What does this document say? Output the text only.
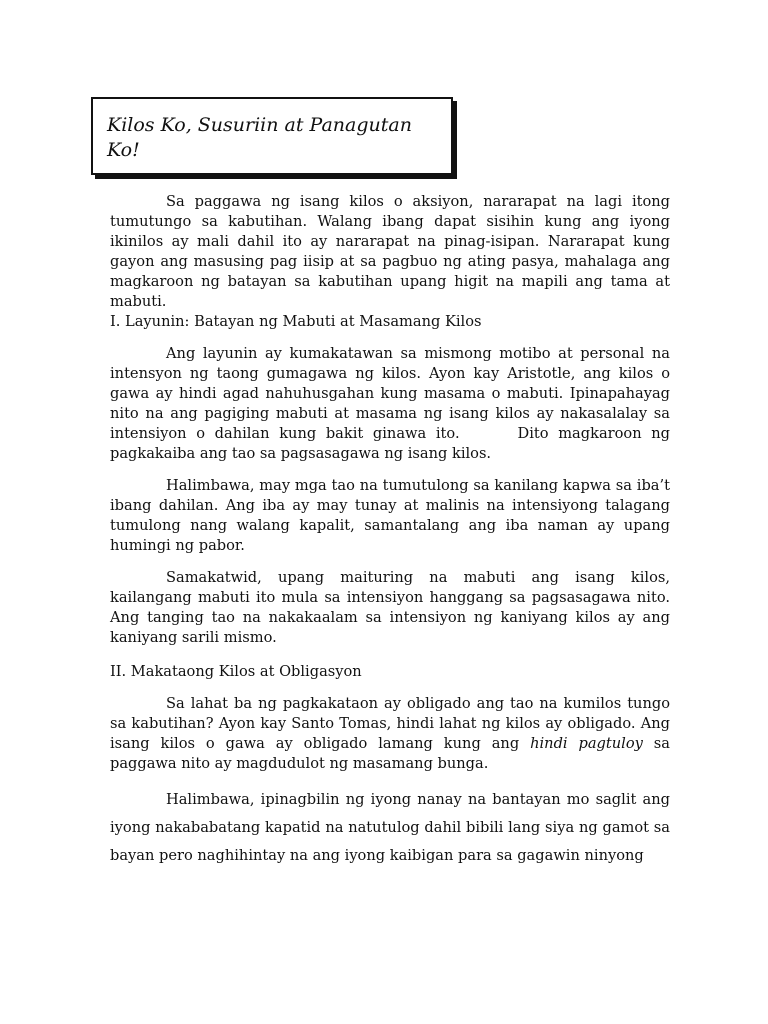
Kilos Ko, Susuriin at Panagutan Ko!

Sa paggawa ng isang kilos o aksiyon, nararapat na lagi itong tumutungo sa kabutihan. Walang ibang dapat sisihin kung ang iyong ikinilos ay mali dahil ito ay nararapat na pinag-isipan. Nararapat kung gayon ang masusing pag iisip at sa pagbuo ng ating pasya, mahalaga ang magkaroon ng batayan sa kabutihan upang higit na mapili ang tama at mabuti.

I. Layunin: Batayan ng Mabuti at Masamang Kilos

Ang layunin ay kumakatawan sa mismong motibo at personal na intensyon ng taong gumagawa ng kilos. Ayon kay Aristotle, ang kilos o gawa ay hindi agad nahuhusgahan kung masama o mabuti. Ipinapahayag nito na ang pagiging mabuti at masama ng isang kilos ay nakasalalay sa intensiyon o dahilan kung bakit ginawa ito.      Dito magkaroon ng pagkakaiba ang tao sa pagsasagawa ng isang kilos.

Halimbawa, may mga tao na tumutulong sa kanilang kapwa sa iba’t ibang dahilan. Ang iba ay may tunay at malinis na intensiyong talagang tumulong nang walang kapalit, samantalang ang iba naman ay upang humingi ng pabor.

Samakatwid, upang maituring na mabuti ang isang kilos, kailangang mabuti ito mula sa intensiyon hanggang sa pagsasagawa nito. Ang tanging tao na nakakaalam sa intensiyon ng kaniyang kilos ay ang kaniyang sarili mismo.

II. Makataong Kilos at Obligasyon

Sa lahat ba ng pagkakataon ay obligado ang tao na kumilos tungo sa kabutihan? Ayon kay Santo Tomas, hindi lahat ng kilos ay obligado. Ang isang kilos o gawa ay obligado lamang kung ang hindi pagtuloy sa paggawa nito ay magdudulot ng masamang bunga.

Halimbawa, ipinagbilin ng iyong nanay na bantayan mo saglit ang iyong nakababatang kapatid na natutulog dahil bibili lang siya ng gamot sa bayan pero naghihintay na ang iyong kaibigan para sa gagawin ninyong
